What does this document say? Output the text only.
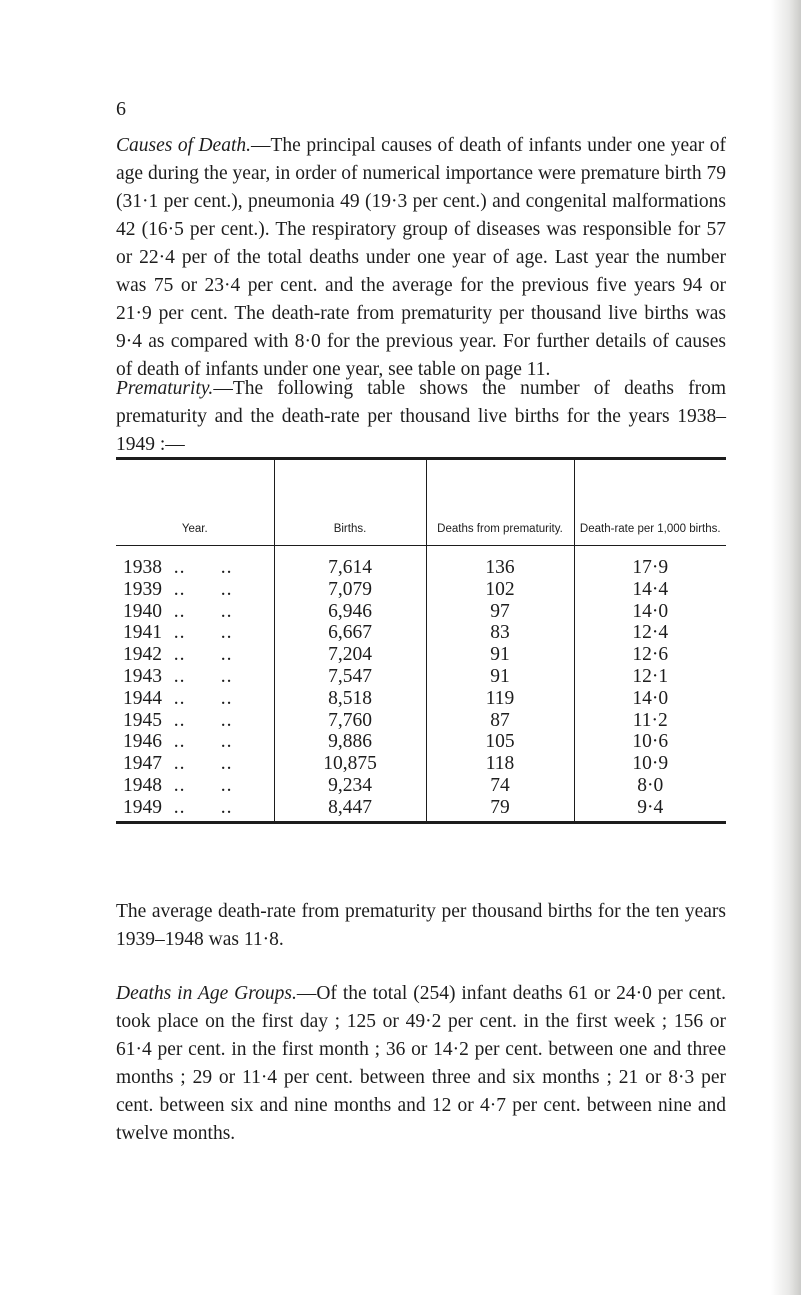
6

Causes of Death.—The principal causes of death of infants under one year of age during the year, in order of numerical importance were premature birth 79 (31·1 per cent.), pneumonia 49 (19·3 per cent.) and congenital malformations 42 (16·5 per cent.). The respiratory group of diseases was responsible for 57 or 22·4 per of the total deaths under one year of age. Last year the number was 75 or 23·4 per cent. and the average for the previous five years 94 or 21·9 per cent. The death-rate from prematurity per thousand live births was 9·4 as compared with 8·0 for the previous year. For further details of causes of death of infants under one year, see table on page 11.

Prematurity.—The following table shows the number of deaths from prematurity and the death-rate per thousand live births for the years 1938–1949 :—

Year.	Births.	Deaths from prematurity.	Death-rate per 1,000 births.
1938  ..      ..	7,614	136	17·9
1939  ..      ..	7,079	102	14·4
1940  ..      ..	6,946	97	14·0
1941  ..      ..	6,667	83	12·4
1942  ..      ..	7,204	91	12·6
1943  ..      ..	7,547	91	12·1
1944  ..      ..	8,518	119	14·0
1945  ..      ..	7,760	87	11·2
1946  ..      ..	9,886	105	10·6
1947  ..      ..	10,875	118	10·9
1948  ..      ..	9,234	74	8·0
1949  ..      ..	8,447	79	9·4

The average death-rate from prematurity per thousand births for the ten years 1939–1948 was 11·8.

Deaths in Age Groups.—Of the total (254) infant deaths 61 or 24·0 per cent. took place on the first day ; 125 or 49·2 per cent. in the first week ; 156 or 61·4 per cent. in the first month ; 36 or 14·2 per cent. between one and three months ; 29 or 11·4 per cent. between three and six months ; 21 or 8·3 per cent. between six and nine months and 12 or 4·7 per cent. between nine and twelve months.
